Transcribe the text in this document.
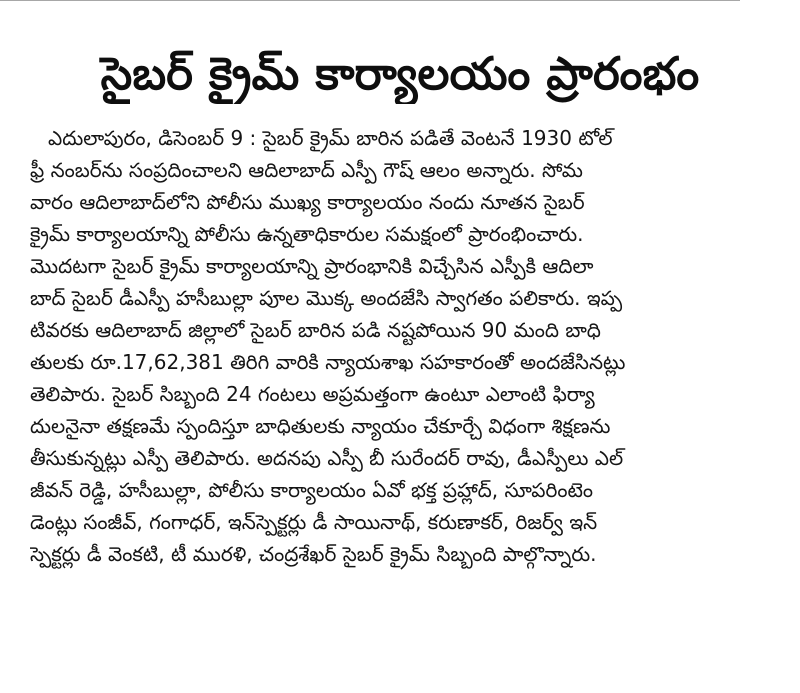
సైబర్ క్రైమ్ కార్యాలయం ప్రారంభం
ఎదులాపురం, డిసెంబర్ 9 : సైబర్ క్రైమ్ బారిన పడితే వెంటనే 1930 టోల్
ఫ్రీ నంబర్‌ను సంప్రదించాలని ఆదిలాబాద్ ఎస్పీ గౌష్ ఆలం అన్నారు. సోమ
వారం ఆదిలాబాద్‌లోని పోలీసు ముఖ్య కార్యాలయం నందు నూతన సైబర్
క్రైమ్ కార్యాలయాన్ని పోలీసు ఉన్నతాధికారుల సమక్షంలో ప్రారంభించారు.
మొదటగా సైబర్ క్రైమ్ కార్యాలయాన్ని ప్రారంభానికి విచ్చేసిన ఎస్పీకి ఆదిలా
బాద్ సైబర్ డీఎస్పీ హసీబుల్లా పూల మొక్క అందజేసి స్వాగతం పలికారు. ఇప్ప
టివరకు ఆదిలాబాద్ జిల్లాలో సైబర్ బారిన పడి నష్టపోయిన 90 మంది బాధి
తులకు రూ.17,62,381 తిరిగి వారికి న్యాయశాఖ సహకారంతో అందజేసినట్లు
తెలిపారు. సైబర్ సిబ్బంది 24 గంటలు అప్రమత్తంగా ఉంటూ ఎలాంటి ఫిర్యా
దులనైనా తక్షణమే స్పందిస్తూ బాధితులకు న్యాయం చేకూర్చే విధంగా శిక్షణను
తీసుకున్నట్లు ఎస్పీ తెలిపారు. అదనపు ఎస్పీ బీ సురేందర్ రావు, డీఎస్పీలు ఎల్
జీవన్ రెడ్డి, హసీబుల్లా, పోలీసు కార్యాలయం ఏవో భక్త ప్రహ్లాద్, సూపరింటెం
డెంట్లు సంజీవ్, గంగాధర్, ఇన్‌స్పెక్టర్లు డీ సాయినాథ్, కరుణాకర్, రిజర్వ్ ఇన్
స్పెక్టర్లు డీ వెంకటి, టీ మురళి, చంద్రశేఖర్ సైబర్ క్రైమ్ సిబ్బంది పాల్గొన్నారు.
